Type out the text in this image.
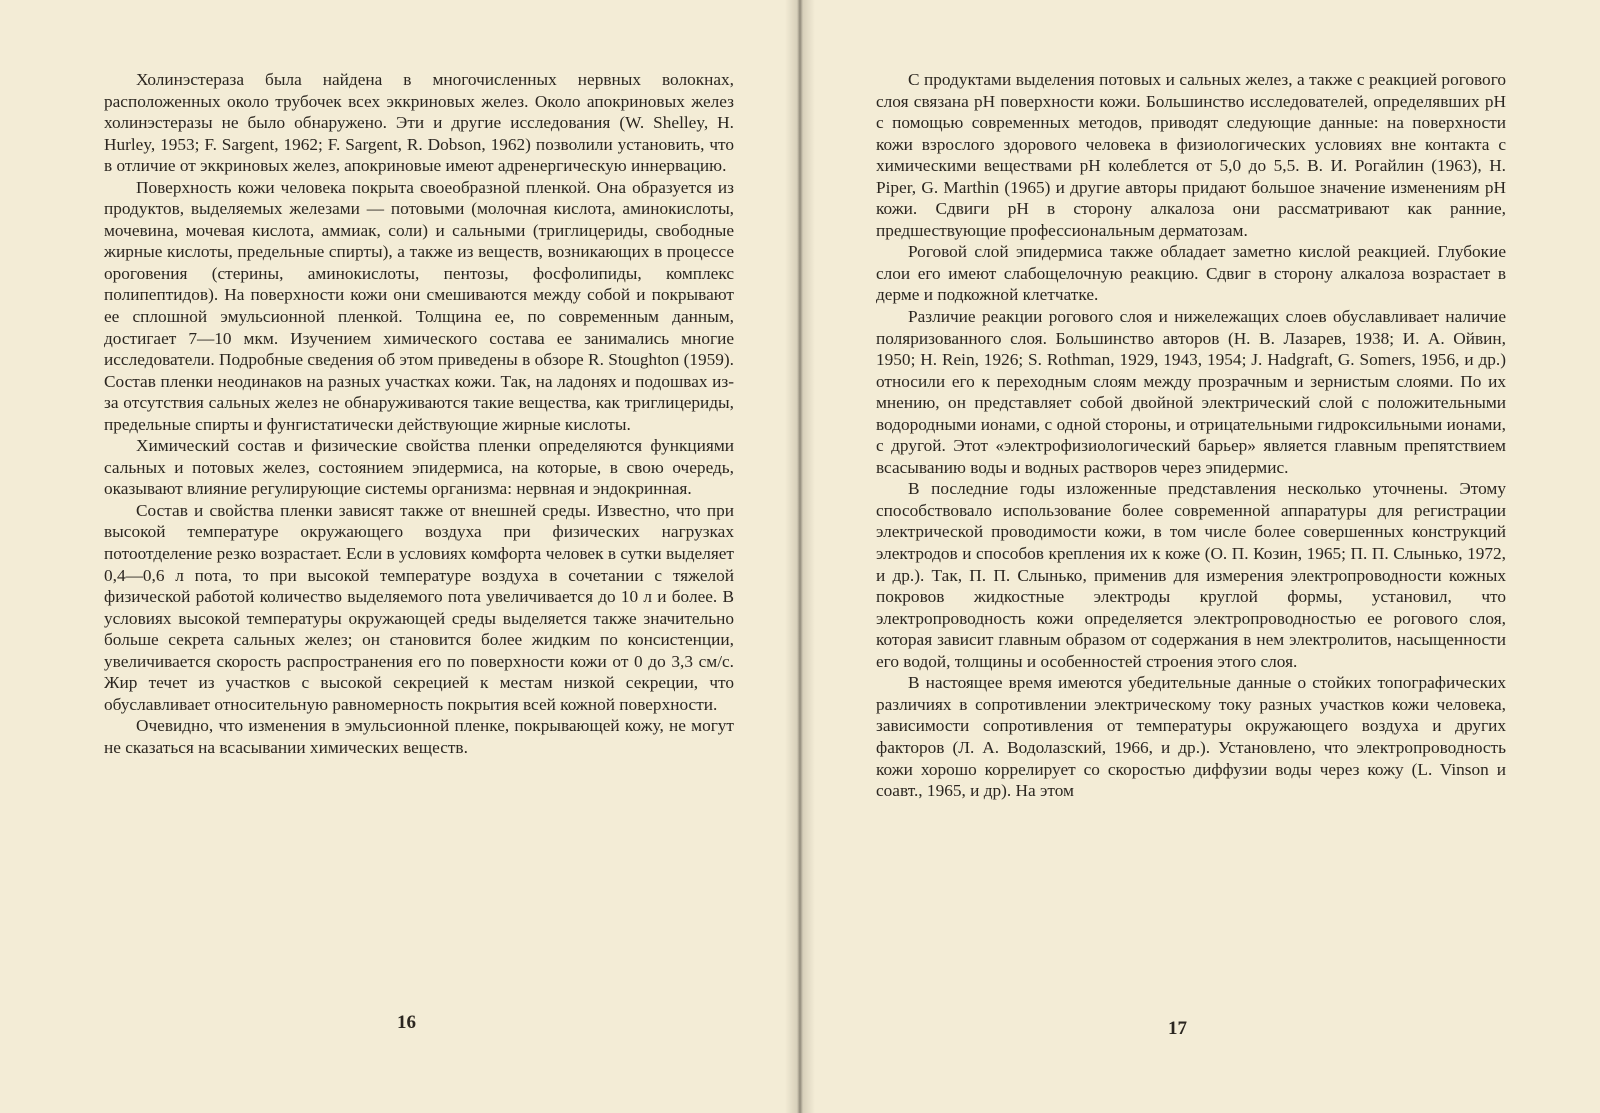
Холинэстераза была найдена в многочисленных нервных волокнах, расположенных около трубочек всех эккриновых желез. Около апокриновых желез холинэстеразы не было обнаружено. Эти и другие исследования (W. Shelley, H. Hurley, 1953; F. Sargent, 1962; F. Sargent, R. Dobson, 1962) позволили установить, что в отличие от эккриновых желез, апокриновые имеют адренергическую иннервацию.

Поверхность кожи человека покрыта своеобразной пленкой. Она образуется из продуктов, выделяемых железами — потовыми (молочная кислота, аминокислоты, мочевина, мочевая кислота, аммиак, соли) и сальными (триглицериды, свободные жирные кислоты, предельные спирты), а также из веществ, возникающих в процессе ороговения (стерины, аминокислоты, пентозы, фосфолипиды, комплекс полипептидов). На поверхности кожи они смешиваются между собой и покрывают ее сплошной эмульсионной пленкой. Толщина ее, по современным данным, достигает 7—10 мкм. Изучением химического состава ее занимались многие исследователи. Подробные сведения об этом приведены в обзоре R. Stoughton (1959). Состав пленки неодинаков на разных участках кожи. Так, на ладонях и подошвах из-за отсутствия сальных желез не обнаруживаются такие вещества, как триглицериды, предельные спирты и фунгистатически действующие жирные кислоты.

Химический состав и физические свойства пленки определяются функциями сальных и потовых желез, состоянием эпидермиса, на которые, в свою очередь, оказывают влияние регулирующие системы организма: нервная и эндокринная.

Состав и свойства пленки зависят также от внешней среды. Известно, что при высокой температуре окружающего воздуха при физических нагрузках потоотделение резко возрастает. Если в условиях комфорта человек в сутки выделяет 0,4—0,6 л пота, то при высокой температуре воздуха в сочетании с тяжелой физической работой количество выделяемого пота увеличивается до 10 л и более. В условиях высокой температуры окружающей среды выделяется также значительно больше секрета сальных желез; он становится более жидким по консистенции, увеличивается скорость распространения его по поверхности кожи от 0 до 3,3 см/с. Жир течет из участков с высокой секрецией к местам низкой секреции, что обуславливает относительную равномерность покрытия всей кожной поверхности.

Очевидно, что изменения в эмульсионной пленке, покрывающей кожу, не могут не сказаться на всасывании химических веществ.

16

С продуктами выделения потовых и сальных желез, а также с реакцией рогового слоя связана pH поверхности кожи. Большинство исследователей, определявших pH с помощью современных методов, приводят следующие данные: на поверхности кожи взрослого здорового человека в физиологических условиях вне контакта с химическими веществами pH колеблется от 5,0 до 5,5. В. И. Рогайлин (1963), H. Piper, G. Marthin (1965) и другие авторы придают большое значение изменениям pH кожи. Сдвиги pH в сторону алкалоза они рассматривают как ранние, предшествующие профессиональным дерматозам.

Роговой слой эпидермиса также обладает заметно кислой реакцией. Глубокие слои его имеют слабощелочную реакцию. Сдвиг в сторону алкалоза возрастает в дерме и подкожной клетчатке.

Различие реакции рогового слоя и нижележащих слоев обуславливает наличие поляризованного слоя. Большинство авторов (Н. В. Лазарев, 1938; И. А. Ойвин, 1950; H. Rein, 1926; S. Rothman, 1929, 1943, 1954; J. Hadgraft, G. Somers, 1956, и др.) относили его к переходным слоям между прозрачным и зернистым слоями. По их мнению, он представляет собой двойной электрический слой с положительными водородными ионами, с одной стороны, и отрицательными гидроксильными ионами, с другой. Этот «электрофизиологический барьер» является главным препятствием всасыванию воды и водных растворов через эпидермис.

В последние годы изложенные представления несколько уточнены. Этому способствовало использование более современной аппаратуры для регистрации электрической проводимости кожи, в том числе более совершенных конструкций электродов и способов крепления их к коже (О. П. Козин, 1965; П. П. Слынько, 1972, и др.). Так, П. П. Слынько, применив для измерения электропроводности кожных покровов жидкостные электроды круглой формы, установил, что электропроводность кожи определяется электропроводностью ее рогового слоя, которая зависит главным образом от содержания в нем электролитов, насыщенности его водой, толщины и особенностей строения этого слоя.

В настоящее время имеются убедительные данные о стойких топографических различиях в сопротивлении электрическому току разных участков кожи человека, зависимости сопротивления от температуры окружающего воздуха и других факторов (Л. А. Водолазский, 1966, и др.). Установлено, что электропроводность кожи хорошо коррелирует со скоростью диффузии воды через кожу (L. Vinson и соавт., 1965, и др). На этом

17
